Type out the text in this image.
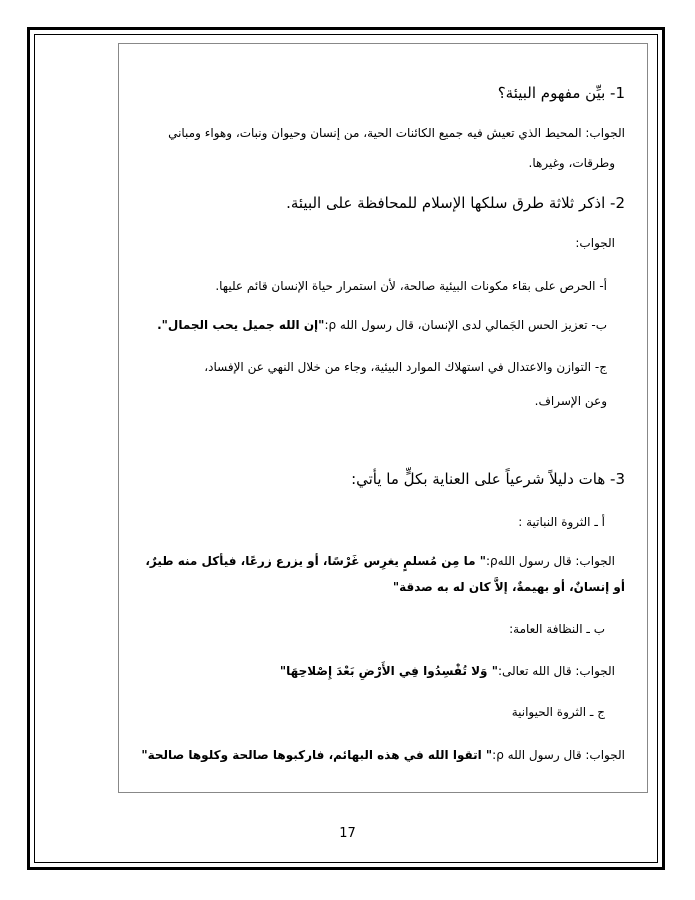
1- بيِّن مفهوم البيئة؟
الجواب: المحيط الذي تعيش فيه جميع الكائنات الحية، من إنسان وحيوان ونبات، وهواء ومباني
وطرقات، وغيرها.
2- اذكر ثلاثة طرق سلكها الإسلام للمحافظة على البيئة.
الجواب:
أ- الحرص على بقاء مكونات البيئية صالحة، لأن استمرار حياة الإنسان قائم عليها.
ب- تعزيز الحس الجَمالي لدى الإنسان، قال رسول الله ρ:"إن الله جميل يحب الجمال".
ج- التوازن والاعتدال في استهلاك الموارد البيئية، وجاء من خلال النهي عن الإفساد،
وعن الإسراف.
3- هات دليلاً شرعياً على العناية بكلٍّ ما يأتي:
أ ـ الثروة النباتية :
الجواب: قال رسول اللهρ:" ما مِن مُسلمٍ يغرِس غَرْسًا، أو يزرع زرعًا، فيأكل منه طيرٌ،
أو إنسانٌ، أو بهيمةٌ، إلاَّ كان له به صدقة"
ب ـ النظافة العامة:
الجواب: قال الله تعالى:" وَلا تُفْسِدُوا فِي الأَرْضِ بَعْدَ إِصْلاحِهَا"
ج ـ الثروة الحيوانية
الجواب: قال رسول الله ρ:" اتقوا الله في هذه البهائم، فاركبوها صالحة وكلوها صالحة"
17
